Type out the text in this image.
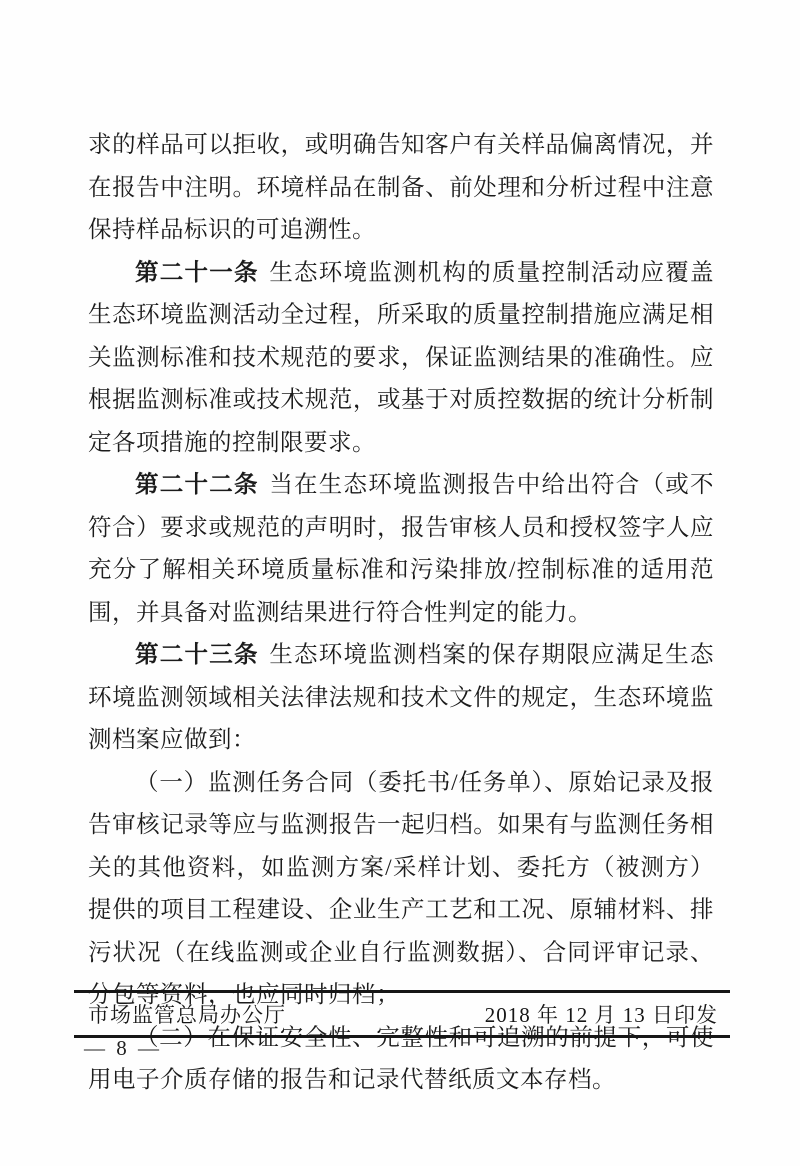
求的样品可以拒收，或明确告知客户有关样品偏离情况，并在报告中注明。环境样品在制备、前处理和分析过程中注意保持样品标识的可追溯性。

第二十一条 生态环境监测机构的质量控制活动应覆盖生态环境监测活动全过程，所采取的质量控制措施应满足相关监测标准和技术规范的要求，保证监测结果的准确性。应根据监测标准或技术规范，或基于对质控数据的统计分析制定各项措施的控制限要求。

第二十二条 当在生态环境监测报告中给出符合（或不符合）要求或规范的声明时，报告审核人员和授权签字人应充分了解相关环境质量标准和污染排放/控制标准的适用范围，并具备对监测结果进行符合性判定的能力。

第二十三条 生态环境监测档案的保存期限应满足生态环境监测领域相关法律法规和技术文件的规定，生态环境监测档案应做到：

（一）监测任务合同（委托书/任务单）、原始记录及报告审核记录等应与监测报告一起归档。如果有与监测任务相关的其他资料，如监测方案/采样计划、委托方（被测方）提供的项目工程建设、企业生产工艺和工况、原辅材料、排污状况（在线监测或企业自行监测数据）、合同评审记录、分包等资料，也应同时归档；

（二）在保证安全性、完整性和可追溯的前提下，可使用电子介质存储的报告和记录代替纸质文本存档。

市场监管总局办公厅	2018 年 12 月 13 日印发
— 8 —
